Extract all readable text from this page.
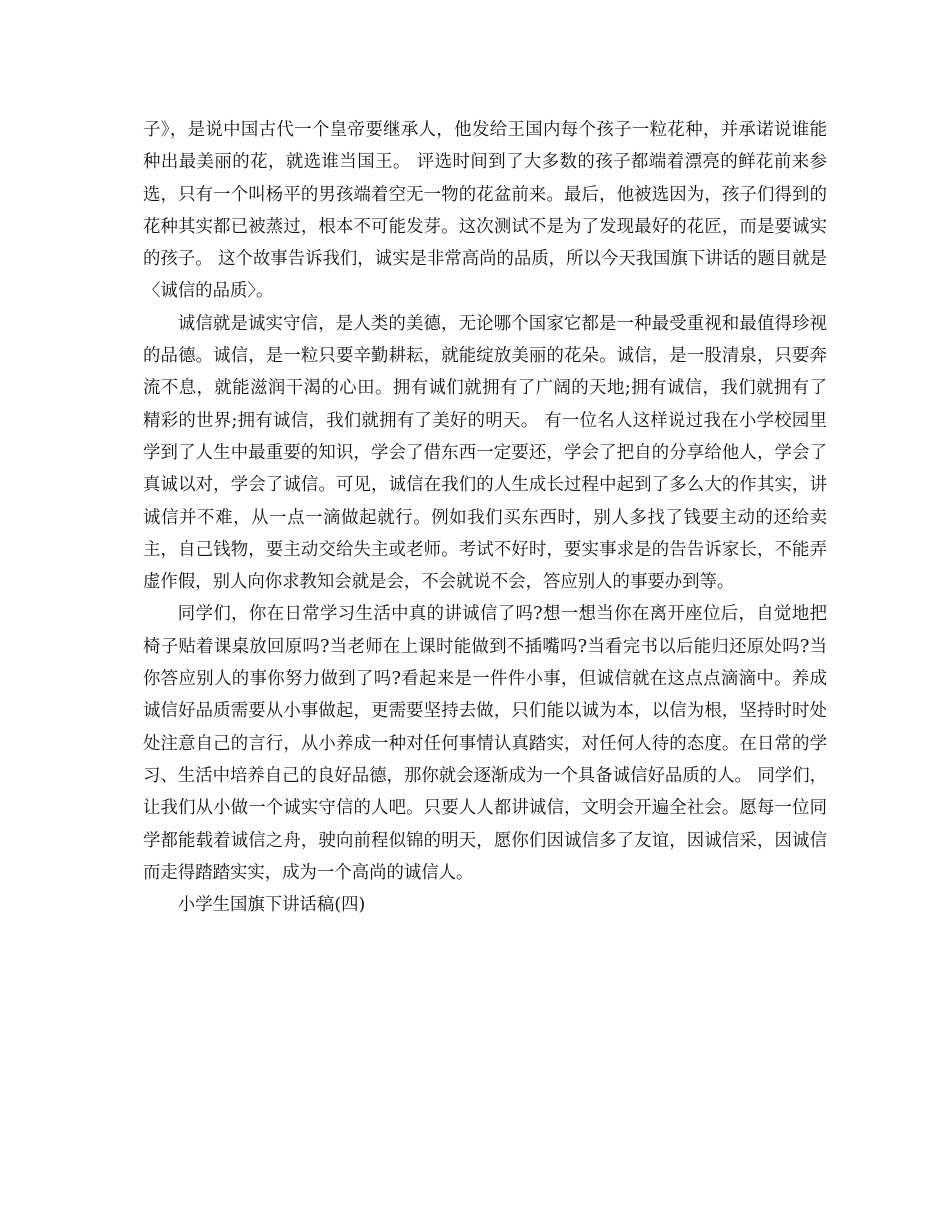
子》，是说中国古代一个皇帝要继承人，他发给王国内每个孩子一粒花种，并承诺说谁能种出最美丽的花，就选谁当国王。 评选时间到了大多数的孩子都端着漂亮的鲜花前来参选，只有一个叫杨平的男孩端着空无一物的花盆前来。最后，他被选因为，孩子们得到的花种其实都已被蒸过，根本不可能发芽。这次测试不是为了发现最好的花匠，而是要诚实的孩子。 这个故事告诉我们，诚实是非常高尚的品质，所以今天我国旗下讲话的题目就是〈诚信的品质〉。

诚信就是诚实守信，是人类的美德，无论哪个国家它都是一种最受重视和最值得珍视的品德。诚信，是一粒只要辛勤耕耘，就能绽放美丽的花朵。诚信，是一股清泉，只要奔流不息，就能滋润干渴的心田。拥有诚们就拥有了广阔的天地;拥有诚信，我们就拥有了精彩的世界;拥有诚信，我们就拥有了美好的明天。 有一位名人这样说过我在小学校园里学到了人生中最重要的知识，学会了借东西一定要还，学会了把自的分享给他人，学会了真诚以对，学会了诚信。可见，诚信在我们的人生成长过程中起到了多么大的作其实，讲诚信并不难，从一点一滴做起就行。例如我们买东西时，别人多找了钱要主动的还给卖主，自己钱物，要主动交给失主或老师。考试不好时，要实事求是的告告诉家长，不能弄虚作假，别人向你求教知会就是会，不会就说不会，答应别人的事要办到等。

同学们，你在日常学习生活中真的讲诚信了吗?想一想当你在离开座位后，自觉地把椅子贴着课桌放回原吗?当老师在上课时能做到不插嘴吗?当看完书以后能归还原处吗?当你答应别人的事你努力做到了吗?看起来是一件件小事，但诚信就在这点点滴滴中。养成诚信好品质需要从小事做起，更需要坚持去做，只们能以诚为本，以信为根，坚持时时处处注意自己的言行，从小养成一种对任何事情认真踏实，对任何人待的态度。在日常的学习、生活中培养自己的良好品德，那你就会逐渐成为一个具备诚信好品质的人。 同学们，让我们从小做一个诚实守信的人吧。只要人人都讲诚信，文明会开遍全社会。愿每一位同学都能载着诚信之舟，驶向前程似锦的明天，愿你们因诚信多了友谊，因诚信采，因诚信而走得踏踏实实，成为一个高尚的诚信人。

小学生国旗下讲话稿(四)
